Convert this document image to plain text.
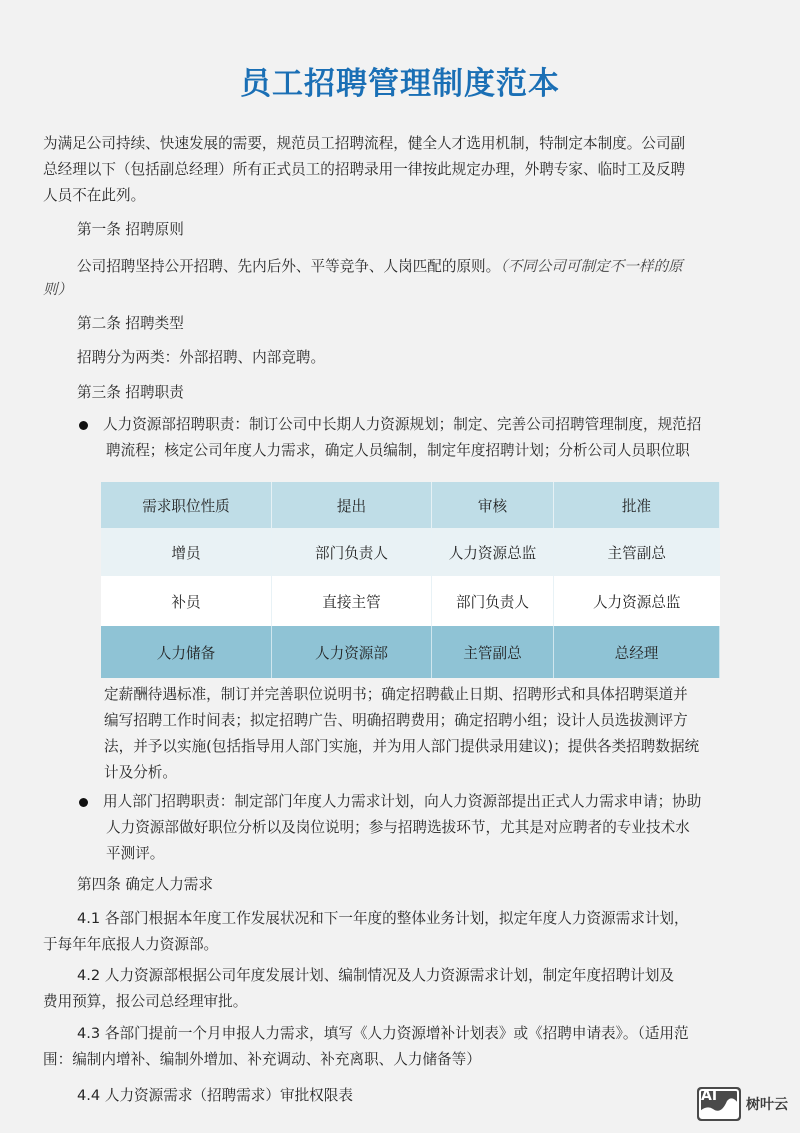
员工招聘管理制度范本
为满足公司持续、快速发展的需要，规范员工招聘流程，健全人才选用机制，特制定本制度。公司副
总经理以下（包括副总经理）所有正式员工的招聘录用一律按此规定办理，外聘专家、临时工及反聘
人员不在此列。
第一条 招聘原则
公司招聘坚持公开招聘、先内后外、平等竞争、人岗匹配的原则。（不同公司可制定不一样的原
则）
第二条 招聘类型
招聘分为两类：外部招聘、内部竞聘。
第三条 招聘职责
人力资源部招聘职责：制订公司中长期人力资源规划；制定、完善公司招聘管理制度，规范招
聘流程；核定公司年度人力需求，确定人员编制，制定年度招聘计划；分析公司人员职位职
需求职位性质	提出	审核	批准
增员	部门负责人	人力资源总监	主管副总
补员	直接主管	部门负责人	人力资源总监
人力储备	人力资源部	主管副总	总经理
定薪酬待遇标准，制订并完善职位说明书；确定招聘截止日期、招聘形式和具体招聘渠道并
编写招聘工作时间表；拟定招聘广告、明确招聘费用；确定招聘小组；设计人员选拔测评方
法，并予以实施(包括指导用人部门实施，并为用人部门提供录用建议)；提供各类招聘数据统
计及分析。
用人部门招聘职责：制定部门年度人力需求计划，向人力资源部提出正式人力需求申请；协助
人力资源部做好职位分析以及岗位说明；参与招聘选拔环节，尤其是对应聘者的专业技术水
平测评。
第四条 确定人力需求
4.1 各部门根据本年度工作发展状况和下一年度的整体业务计划，拟定年度人力资源需求计划，
于每年年底报人力资源部。
4.2 人力资源部根据公司年度发展计划、编制情况及人力资源需求计划，制定年度招聘计划及
费用预算，报公司总经理审批。
4.3 各部门提前一个月申报人力需求，填写《人力资源增补计划表》或《招聘申请表》。（适用范
围：编制内增补、编制外增加、补充调动、补充离职、人力储备等）
4.4 人力资源需求（招聘需求）审批权限表	AI
树叶云
